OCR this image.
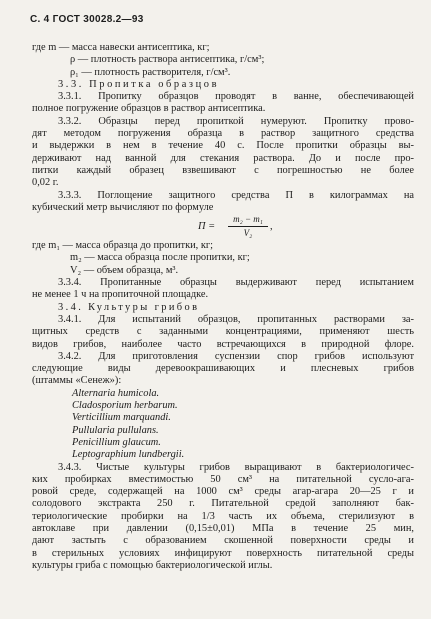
С. 4 ГОСТ 30028.2—93
где m — масса навески антисептика, кг;
ρ — плотность раствора антисептика, г/см³;
ρ₁ — плотность растворителя, г/см³.
3.3. Пропитка образцов
3.3.1. Пропитку образцов проводят в ванне, обеспечивающей
полное погружение образцов в раствор антисептика.
3.3.2. Образцы перед пропиткой нумеруют. Пропитку прово-
дят методом погружения образца в раствор защитного средства
и выдержки в нем в течение 40 с. После пропитки образцы вы-
держивают над ванной для стекания раствора. До и после про-
питки каждый образец взвешивают с погрешностью не более
0,02 г.
3.3.3. Поглощение защитного средства П в килограммах на
кубический метр вычисляют по формуле
П =
m₂ − m₁
V₂
,
где m₁ — масса образца до пропитки, кг;
m₂ — масса образца после пропитки, кг;
V₂ — объем образца, м³.
3.3.4. Пропитанные образцы выдерживают перед испытанием
не менее 1 ч на пропиточной площадке.
3.4. Культуры грибов
3.4.1. Для испытаний образцов, пропитанных растворами за-
щитных средств с заданными концентрациями, применяют шесть
видов грибов, наиболее часто встречающихся в природной флоре.
3.4.2. Для приготовления суспензии спор грибов используют
следующие виды деревоокрашивающих и плесневых грибов
(штаммы «Сенеж»):
Alternaria humicola.
Cladosporium herbarum.
Verticillium marquandi.
Pullularia pullulans.
Penicillium glaucum.
Leptographium lundbergii.
3.4.3. Чистые культуры грибов выращивают в бактериологичес-
ких пробирках вместимостью 50 см³ на питательной сусло-ага-
ровой среде, содержащей на 1000 см³ среды агар-агара 20—25 г и
солодового экстракта 250 г. Питательной средой заполняют бак-
териологические пробирки на 1/3 часть их объема, стерилизуют в
автоклаве при давлении (0,15±0,01) МПа в течение 25 мин,
дают застыть с образованием скошенной поверхности среды и
в стерильных условиях инфицируют поверхность питательной среды
культуры гриба с помощью бактериологической иглы.
